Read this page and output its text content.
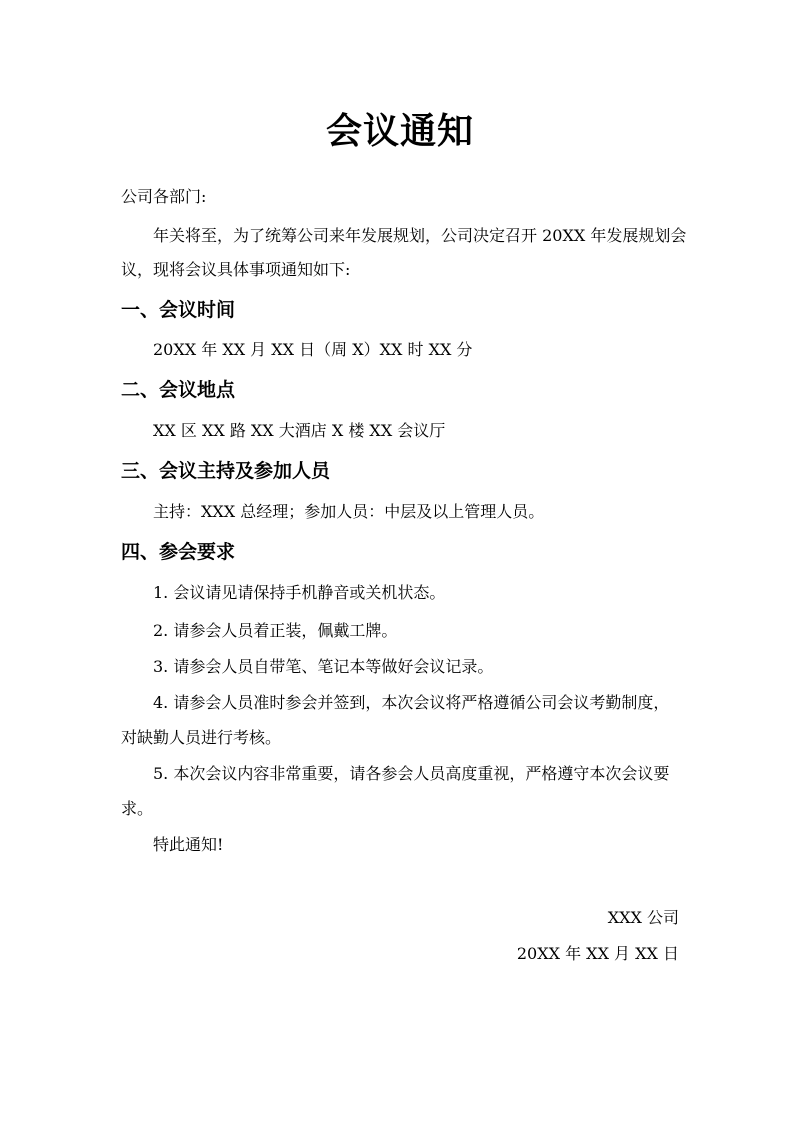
会议通知
公司各部门:
年关将至，为了统筹公司来年发展规划，公司决定召开 20XX 年发展规划会
议，现将会议具体事项通知如下:
一、会议时间
20XX 年 XX 月 XX 日（周 X）XX 时 XX 分
二、会议地点
XX 区 XX 路 XX 大酒店 X 楼 XX 会议厅
三、会议主持及参加人员
主持：XXX 总经理；参加人员：中层及以上管理人员。
四、参会要求
1. 会议请见请保持手机静音或关机状态。
2. 请参会人员着正装，佩戴工牌。
3. 请参会人员自带笔、笔记本等做好会议记录。
4. 请参会人员准时参会并签到，本次会议将严格遵循公司会议考勤制度，
对缺勤人员进行考核。
5. 本次会议内容非常重要，请各参会人员高度重视，严格遵守本次会议要
求。
特此通知!
XXX 公司
20XX 年 XX 月 XX 日
